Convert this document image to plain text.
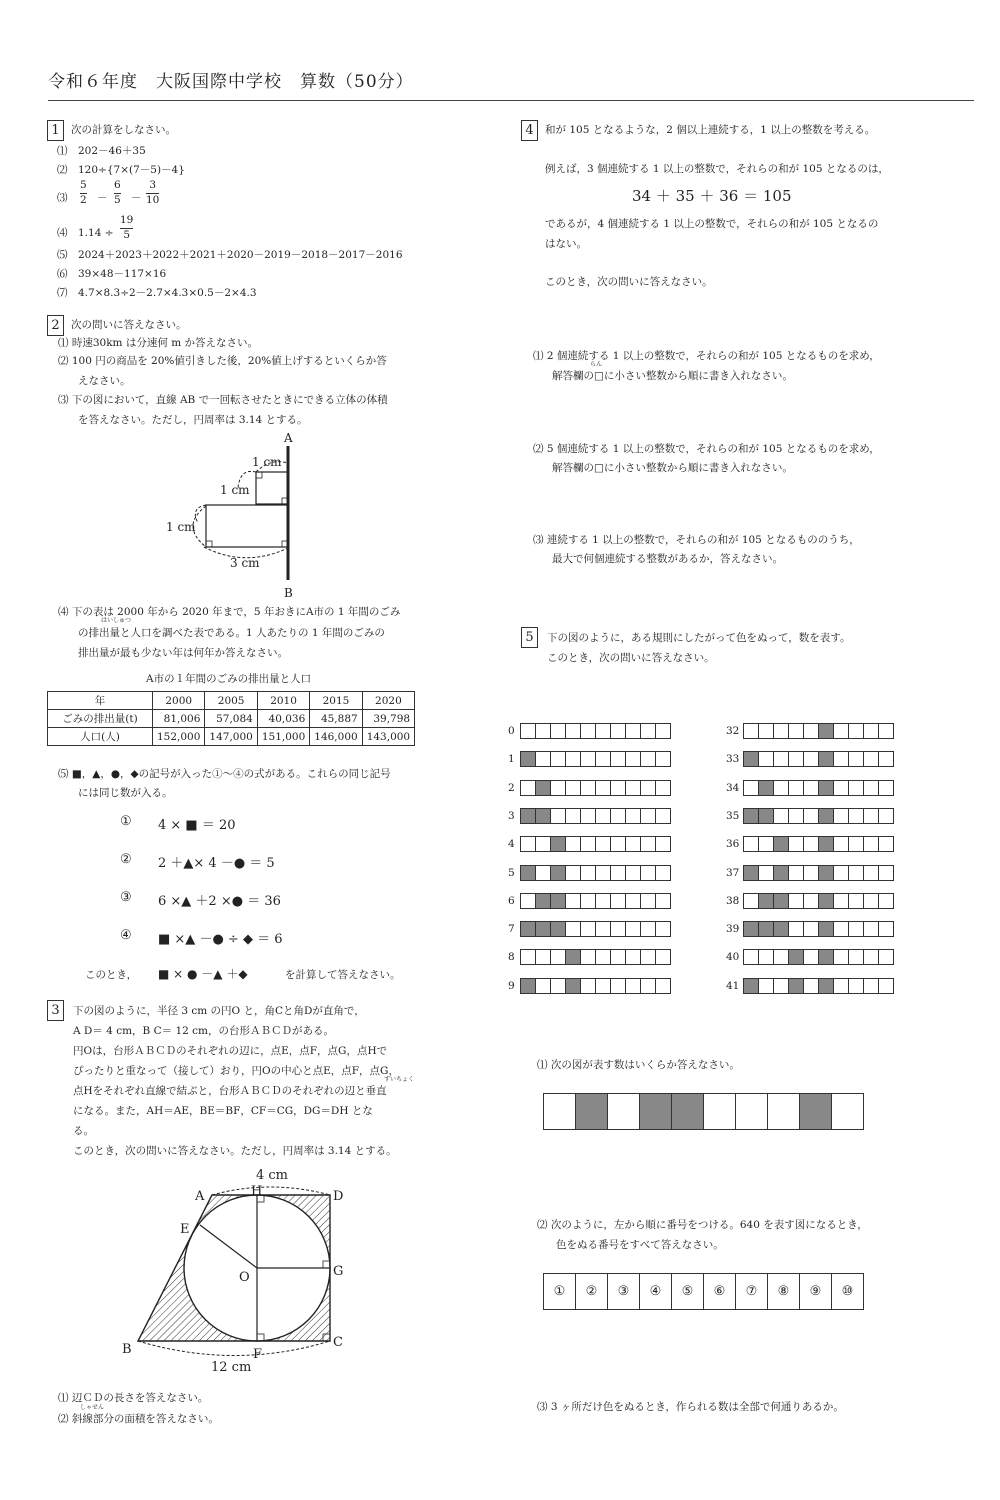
令和６年度　大阪国際中学校　算数（50分）
1	次の計算をしなさい。
⑴ 202－46＋35
⑵ 120÷{7×(7－5)－4}
⑶
5
2 －
6
5 －
3
10
⑷ 1.14 ÷
19
5
⑸ 2024＋2023＋2022＋2021＋2020－2019－2018－2017－2016
⑹ 39×48－117×16
⑺ 4.7×8.3÷2－2.7×4.3×0.5－2×4.3
2	次の問いに答えなさい。
⑴ 時速30km は分速何 m か答えなさい。
⑵ 100 円の商品を 20%値引きした後，20%値上げするといくらか答
えなさい。
⑶ 下の図において，直線 AB で一回転させたときにできる立体の体積
を答えなさい。ただし，円周率は 3.14 とする。
A
B
1 cm
1 cm
1 cm
3 cm
⑷ 下の表は 2000 年から 2020 年まで，5 年おきにA市の 1 年間のごみ
はいしゅつ
の排出量と人口を調べた表である。1 人あたりの 1 年間のごみの
排出量が最も少ない年は何年か答えなさい。
A市の１年間のごみの排出量と人口
年	2000	2005	2010	2015	2020
ごみの排出量(t)	81,006	57,084	40,036	45,887	39,798
人口(人)	152,000	147,000	151,000	146,000	143,000
⑸ ■，▲，●，◆の記号が入った①～④の式がある。これらの同じ記号
には同じ数が入る。
① 4 × ■ ＝ 20
② 2 ＋▲× 4 －● ＝ 5
③ 6 ×▲ ＋2 ×● ＝ 36
④ ■ ×▲ －● ÷ ◆ ＝ 6
このとき， ■ × ● －▲ ＋◆	を計算して答えなさい。
3	下の図のように，半径 3 cm の円O と，角Cと角Dが直角で，
A D＝ 4 cm，B C＝ 12 cm，の台形ＡＢＣＤがある。
円Oは，台形ＡＢＣＤのそれぞれの辺に，点E，点F，点G，点Hで
ぴったりと重なって（接して）おり，円Oの中心と点E，点F，点G，
すいちょく
点Hをそれぞれ直線で結ぶと，台形ＡＢＣＤのそれぞれの辺と垂直
になる。また，AH＝AE，BE＝BF，CF＝CG，DG＝DH とな
る。
このとき，次の問いに答えなさい。ただし，円周率は 3.14 とする。
4 cm
A	H	D
E
O	G
B	F
C
12 cm
⑴ 辺ＣＤの長さを答えなさい。
しゃせん
⑵ 斜線部分の面積を答えなさい。
4	和が 105 となるような，2 個以上連続する，1 以上の整数を考える。
例えば，3 個連続する 1 以上の整数で，それらの和が 105 となるのは，
34 ＋ 35 ＋ 36 ＝ 105
であるが，4 個連続する 1 以上の整数で，それらの和が 105 となるの
はない。
このとき，次の問いに答えなさい。
⑴ 2 個連続する 1 以上の整数で，それらの和が 105 となるものを求め，
らん
解答欄の□に小さい整数から順に書き入れなさい。
⑵ 5 個連続する 1 以上の整数で，それらの和が 105 となるものを求め，
解答欄の□に小さい整数から順に書き入れなさい。
⑶ 連続する 1 以上の整数で，それらの和が 105 となるもののうち，
最大で何個連続する整数があるか，答えなさい。
5	下の図のように，ある規則にしたがって色をぬって，数を表す。
このとき，次の問いに答えなさい。
0
1
2
3
4
5
6
7
8
9
32
33
34
35
36
37
38
39
40
41
⑴ 次の図が表す数はいくらか答えなさい。
⑵ 次のように，左から順に番号をつける。640 を表す図になるとき，
色をぬる番号をすべて答えなさい。
①	②	③	④	⑤	⑥	⑦	⑧	⑨	⑩
⑶ 3 ヶ所だけ色をぬるとき，作られる数は全部で何通りあるか。
